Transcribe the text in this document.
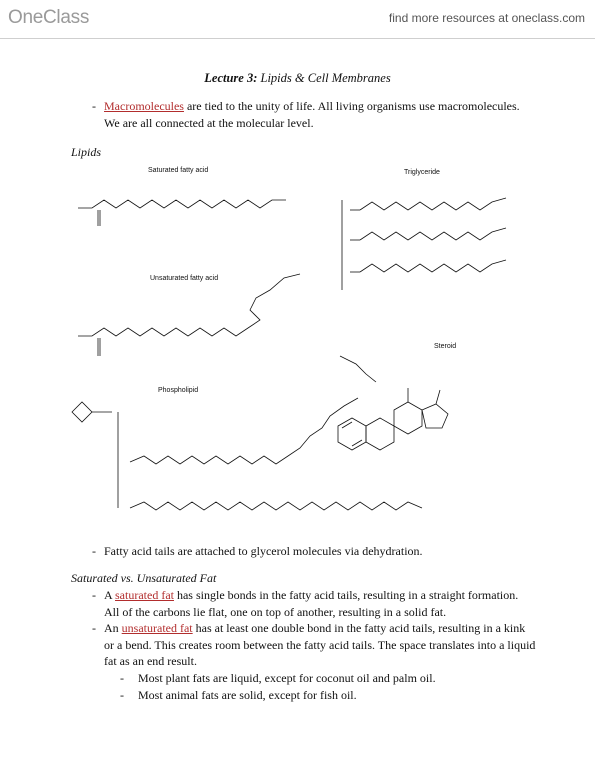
OneClass	find more resources at oneclass.com
Lecture 3: Lipids & Cell Membranes
- Macromolecules are tied to the unity of life. All living organisms use macromolecules.
We are all connected at the molecular level.
Lipids
Saturated fatty acid	Triglyceride
Unsaturated fatty acid
Steroid
Phospholipid
- Fatty acid tails are attached to glycerol molecules via dehydration.
Saturated vs. Unsaturated Fat
- A saturated fat has single bonds in the fatty acid tails, resulting in a straight formation.
All of the carbons lie flat, one on top of another, resulting in a solid fat.
- An unsaturated fat has at least one double bond in the fatty acid tails, resulting in a kink
or a bend. This creates room between the fatty acid tails. The space translates into a liquid
fat as an end result.
- Most plant fats are liquid, except for coconut oil and palm oil.
- Most animal fats are solid, except for fish oil.
